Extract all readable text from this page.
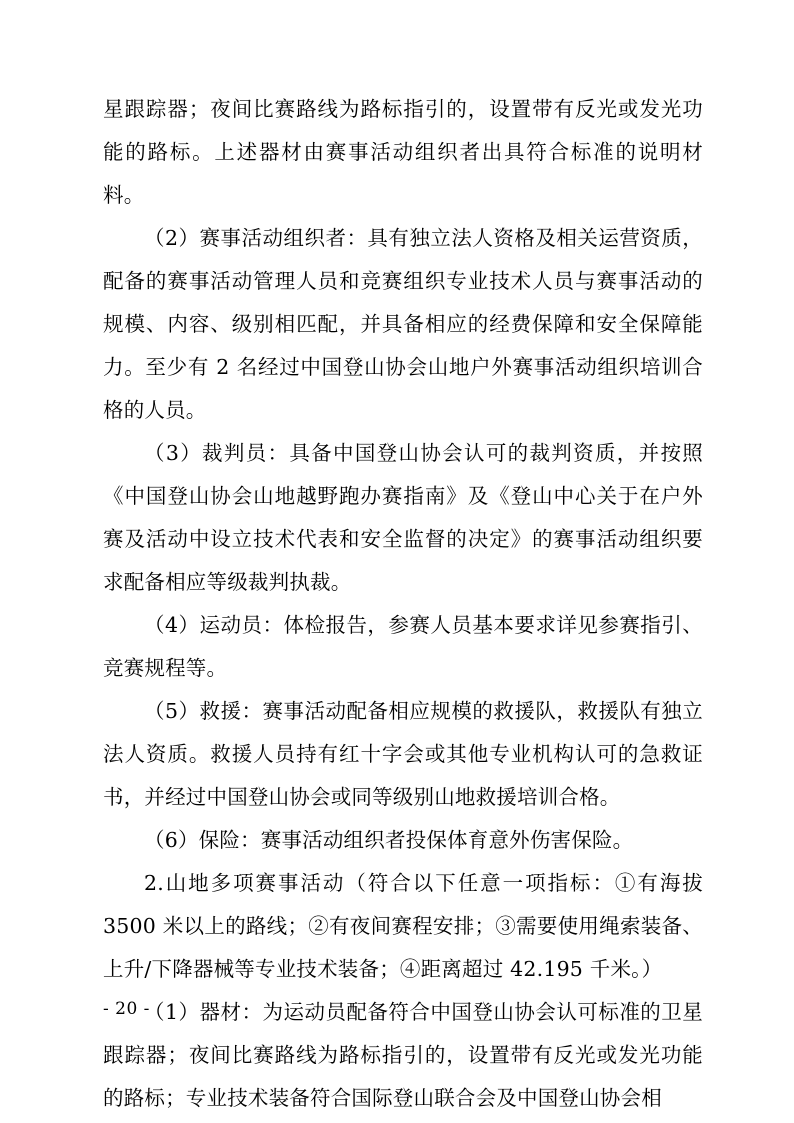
星跟踪器；夜间比赛路线为路标指引的，设置带有反光或发光功能的路标。上述器材由赛事活动组织者出具符合标准的说明材料。

（2）赛事活动组织者：具有独立法人资格及相关运营资质，配备的赛事活动管理人员和竞赛组织专业技术人员与赛事活动的规模、内容、级别相匹配，并具备相应的经费保障和安全保障能力。至少有 2 名经过中国登山协会山地户外赛事活动组织培训合格的人员。

（3）裁判员：具备中国登山协会认可的裁判资质，并按照《中国登山协会山地越野跑办赛指南》及《登山中心关于在户外赛及活动中设立技术代表和安全监督的决定》的赛事活动组织要求配备相应等级裁判执裁。

（4）运动员：体检报告，参赛人员基本要求详见参赛指引、竞赛规程等。

（5）救援：赛事活动配备相应规模的救援队，救援队有独立法人资质。救援人员持有红十字会或其他专业机构认可的急救证书，并经过中国登山协会或同等级别山地救援培训合格。

（6）保险：赛事活动组织者投保体育意外伤害保险。

2.山地多项赛事活动（符合以下任意一项指标：①有海拔 3500 米以上的路线；②有夜间赛程安排；③需要使用绳索装备、上升/下降器械等专业技术装备；④距离超过 42.195 千米。）

（1）器材：为运动员配备符合中国登山协会认可标准的卫星跟踪器；夜间比赛路线为路标指引的，设置带有反光或发光功能的路标；专业技术装备符合国际登山联合会及中国登山协会相

- 20 -
